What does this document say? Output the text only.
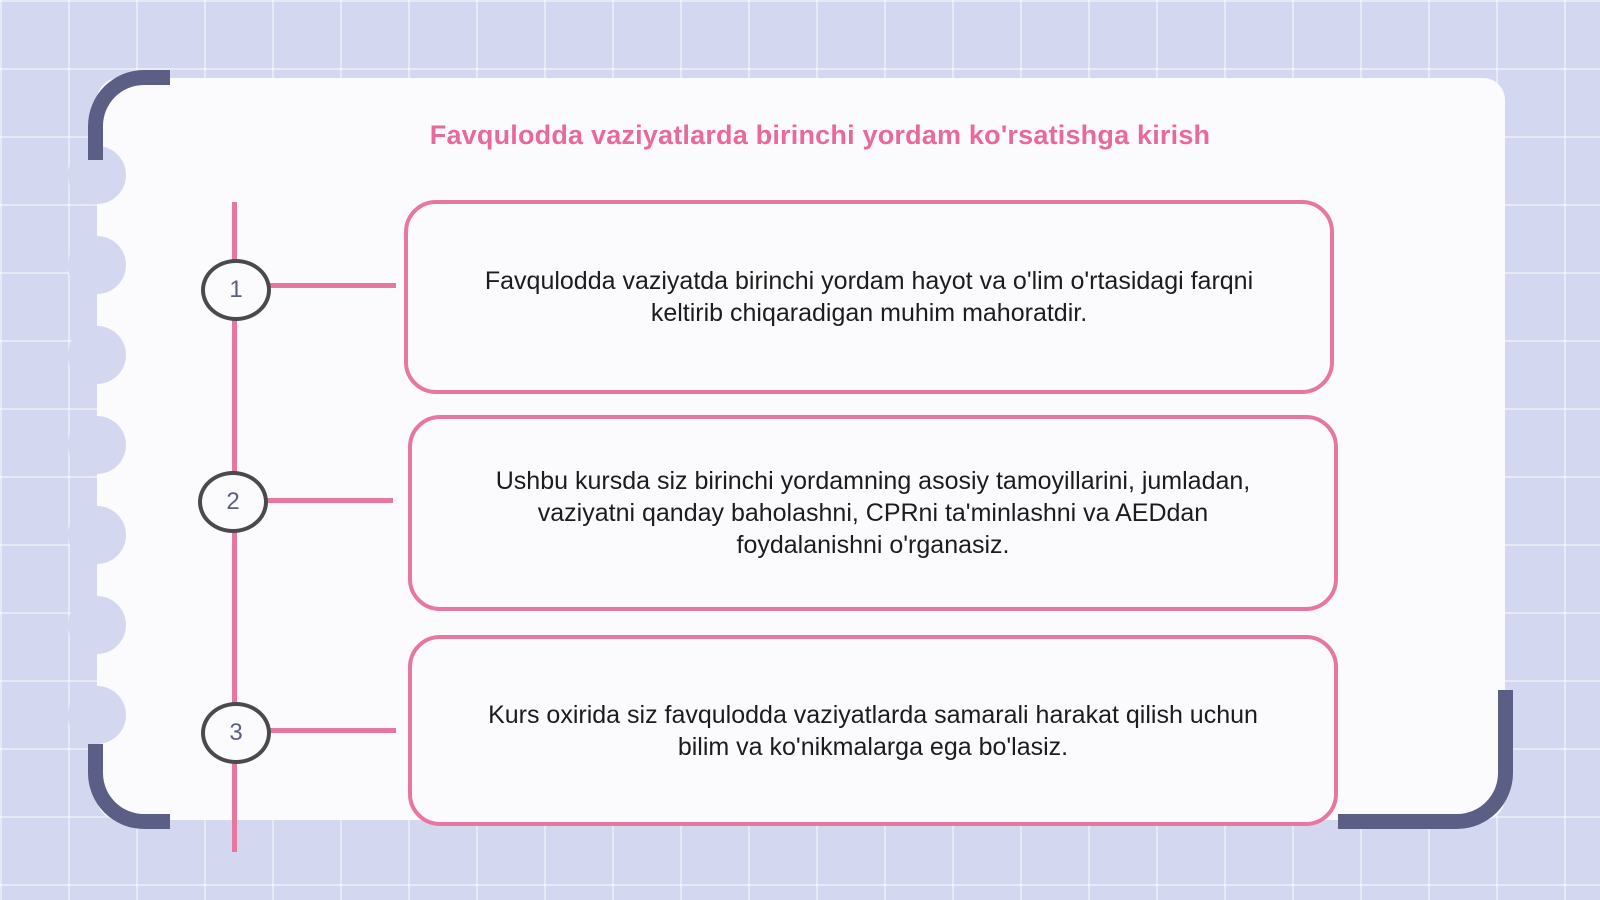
Favqulodda vaziyatlarda birinchi yordam ko'rsatishga kirish
1
2
3
Favqulodda vaziyatda birinchi yordam hayot va o'lim o'rtasidagi farqni keltirib chiqaradigan muhim mahoratdir.
Ushbu kursda siz birinchi yordamning asosiy tamoyillarini, jumladan, vaziyatni qanday baholashni, CPRni ta'minlashni va AEDdan foydalanishni o'rganasiz.
Kurs oxirida siz favqulodda vaziyatlarda samarali harakat qilish uchun bilim va ko'nikmalarga ega bo'lasiz.
